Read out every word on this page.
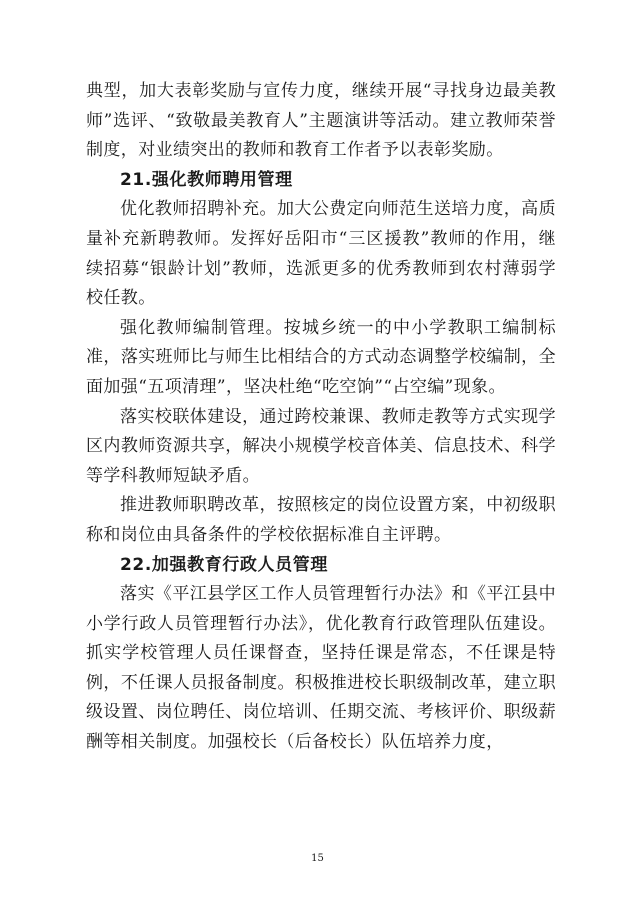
典型，加大表彰奖励与宣传力度，继续开展“寻找身边最美教师”选评、“致敬最美教育人”主题演讲等活动。建立教师荣誉制度，对业绩突出的教师和教育工作者予以表彰奖励。

21.强化教师聘用管理

优化教师招聘补充。加大公费定向师范生送培力度，高质量补充新聘教师。发挥好岳阳市“三区援教”教师的作用，继续招募“银龄计划”教师，选派更多的优秀教师到农村薄弱学校任教。

强化教师编制管理。按城乡统一的中小学教职工编制标准，落实班师比与师生比相结合的方式动态调整学校编制，全面加强“五项清理”，坚决杜绝“吃空饷”“占空编”现象。

落实校联体建设，通过跨校兼课、教师走教等方式实现学区内教师资源共享，解决小规模学校音体美、信息技术、科学等学科教师短缺矛盾。

推进教师职聘改革，按照核定的岗位设置方案，中初级职称和岗位由具备条件的学校依据标准自主评聘。

22.加强教育行政人员管理

落实《平江县学区工作人员管理暂行办法》和《平江县中小学行政人员管理暂行办法》，优化教育行政管理队伍建设。抓实学校管理人员任课督查，坚持任课是常态，不任课是特例，不任课人员报备制度。积极推进校长职级制改革，建立职级设置、岗位聘任、岗位培训、任期交流、考核评价、职级薪酬等相关制度。加强校长（后备校长）队伍培养力度，

15
